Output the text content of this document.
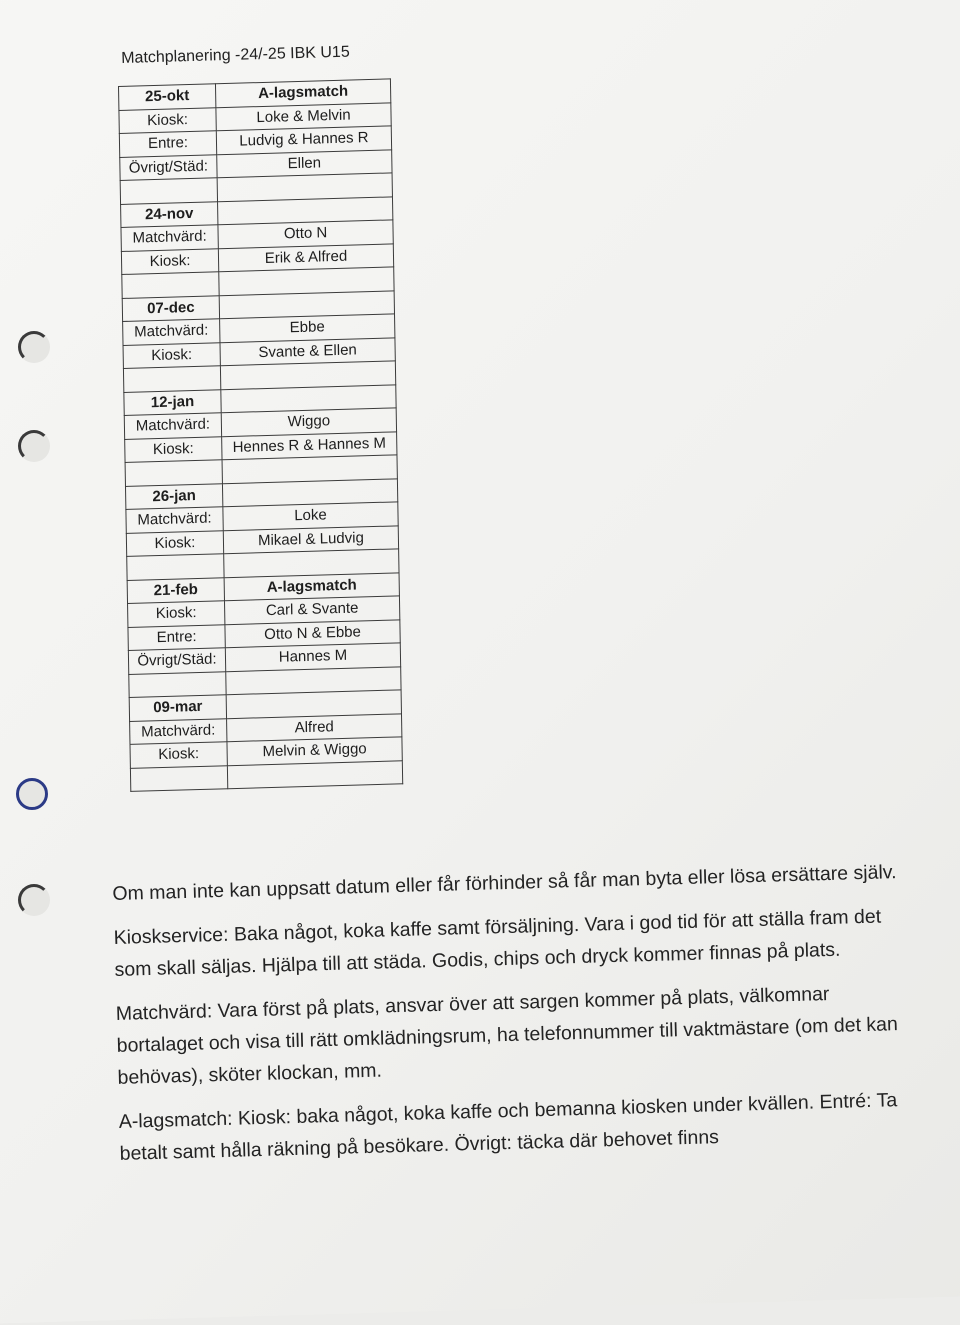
Matchplanering -24/-25 IBK U15
25-okt	A-lagsmatch
Kiosk:	Loke & Melvin
Entre:	Ludvig & Hannes R
Övrigt/Städ:	Ellen

24-nov	
Matchvärd:	Otto N
Kiosk:	Erik & Alfred

07-dec	
Matchvärd:	Ebbe
Kiosk:	Svante & Ellen

12-jan	
Matchvärd:	Wiggo
Kiosk:	Hennes R & Hannes M

26-jan	
Matchvärd:	Loke
Kiosk:	Mikael & Ludvig

21-feb	A-lagsmatch
Kiosk:	Carl & Svante
Entre:	Otto N & Ebbe
Övrigt/Städ:	Hannes M

09-mar	
Matchvärd:	Alfred
Kiosk:	Melvin & Wiggo

Om man inte kan uppsatt datum eller får förhinder så får man byta eller lösa ersättare själv.

Kioskservice: Baka något, koka kaffe samt försäljning. Vara i god tid för att ställa fram det som skall säljas. Hjälpa till att städa. Godis, chips och dryck kommer finnas på plats.

Matchvärd: Vara först på plats, ansvar över att sargen kommer på plats, välkomnar bortalaget och visa till rätt omklädningsrum, ha telefonnummer till vaktmästare (om det kan behövas), sköter klockan, mm.

A-lagsmatch: Kiosk: baka något, koka kaffe och bemanna kiosken under kvällen. Entré: Ta betalt samt hålla räkning på besökare. Övrigt: täcka där behovet finns
